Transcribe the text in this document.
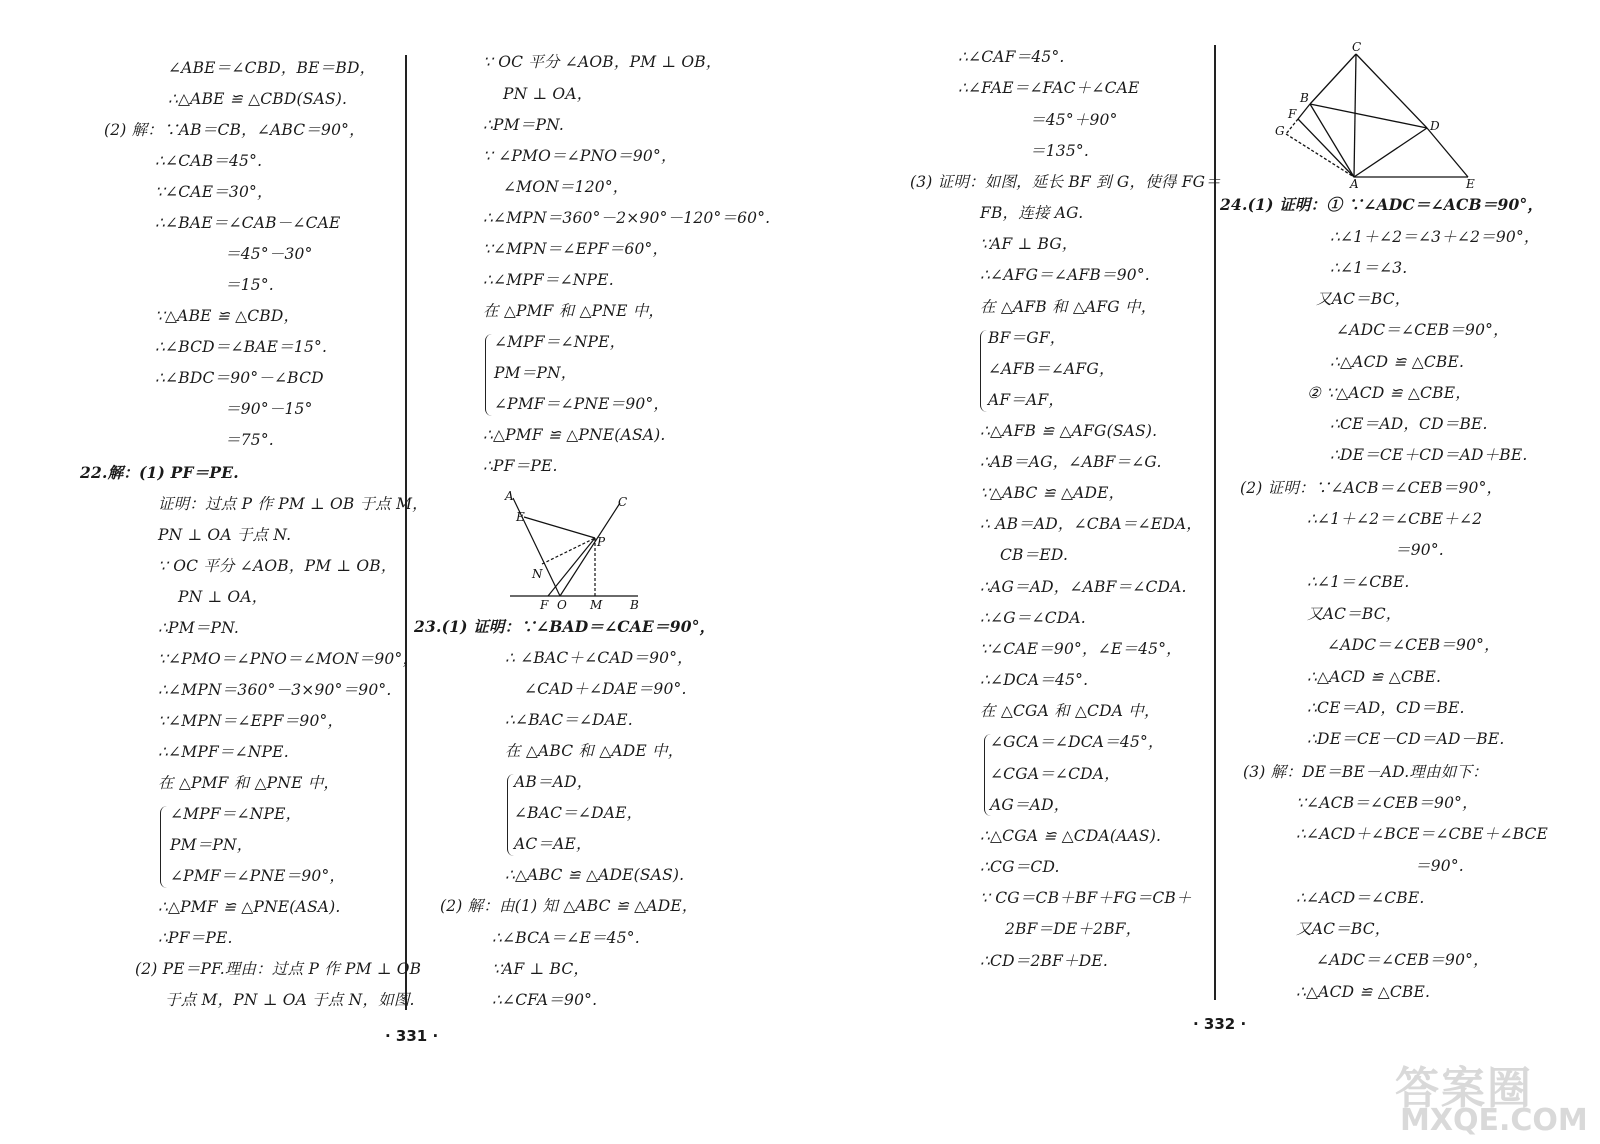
∠ABE＝∠CBD，BE＝BD，
∴△ABE ≌ △CBD(SAS).
(2) 解：∵AB＝CB，∠ABC＝90°，
∴∠CAB＝45°.
∵∠CAE＝30°，
∴∠BAE＝∠CAB－∠CAE
＝45°－30°
＝15°.
∵△ABE ≌ △CBD，
∴∠BCD＝∠BAE＝15°.
∴∠BDC＝90°－∠BCD
＝90°－15°
＝75°.
22.解：(1) PF＝PE.
证明：过点 P 作 PM ⊥ OB 于点 M，
PN ⊥ OA 于点 N.
∵ OC 平分 ∠AOB，PM ⊥ OB，
PN ⊥ OA，
∴PM＝PN.
∵∠PMO＝∠PNO＝∠MON＝90°，
∴∠MPN＝360°－3×90°＝90°.
∵∠MPN＝∠EPF＝90°，
∴∠MPF＝∠NPE.
在 △PMF 和 △PNE 中，
∠MPF＝∠NPE，
PM＝PN，
∠PMF＝∠PNE＝90°，
∴△PMF ≌ △PNE(ASA).
∴PF＝PE.
(2) PE＝PF.理由：过点 P 作 PM ⊥ OB
于点 M，PN ⊥ OA 于点 N，如图.
∵ OC 平分 ∠AOB，PM ⊥ OB，
PN ⊥ OA，
∴PM＝PN.
∵ ∠PMO＝∠PNO＝90°，
∠MON＝120°，
∴∠MPN＝360°－2×90°－120°＝60°.
∵∠MPN＝∠EPF＝60°，
∴∠MPF＝∠NPE.
在 △PMF 和 △PNE 中，
∠MPF＝∠NPE，
PM＝PN，
∠PMF＝∠PNE＝90°，
∴△PMF ≌ △PNE(ASA).
∴PF＝PE.
A
E
C
P
N
F O M B
23.(1) 证明：∵∠BAD＝∠CAE＝90°，
∴ ∠BAC＋∠CAD＝90°，
∠CAD＋∠DAE＝90°.
∴∠BAC＝∠DAE.
在 △ABC 和 △ADE 中，
AB＝AD，
∠BAC＝∠DAE，
AC＝AE，
∴△ABC ≌ △ADE(SAS).
(2) 解：由(1) 知 △ABC ≌ △ADE，
∴∠BCA＝∠E＝45°.
∵AF ⊥ BC，
∴∠CFA＝90°.
· 331 ·
∴∠CAF＝45°.
∴∠FAE＝∠FAC＋∠CAE
＝45°＋90°
＝135°.
(3) 证明：如图，延长 BF 到 G，使得 FG＝
FB，连接 AG.
∵AF ⊥ BG，
∴∠AFG＝∠AFB＝90°.
在 △AFB 和 △AFG 中，
BF＝GF，
∠AFB＝∠AFG，
AF＝AF，
∴△AFB ≌ △AFG(SAS).
∴AB＝AG，∠ABF＝∠G.
∵△ABC ≌ △ADE，
∴ AB＝AD，∠CBA＝∠EDA，
CB＝ED.
∴AG＝AD，∠ABF＝∠CDA.
∴∠G＝∠CDA.
∵∠CAE＝90°，∠E＝45°，
∴∠DCA＝45°.
在 △CGA 和 △CDA 中，
∠GCA＝∠DCA＝45°，
∠CGA＝∠CDA，
AG＝AD，
∴△CGA ≌ △CDA(AAS).
∴CG＝CD.
∵ CG＝CB＋BF＋FG＝CB＋
2BF＝DE＋2BF，
∴CD＝2BF＋DE.
· 332 ·
C
B
F
G	D
A	E
24.(1) 证明：① ∵∠ADC＝∠ACB＝90°，
∴∠1＋∠2＝∠3＋∠2＝90°，
∴∠1＝∠3.
又AC＝BC，
∠ADC＝∠CEB＝90°，
∴△ACD ≌ △CBE.
② ∵△ACD ≌ △CBE，
∴CE＝AD，CD＝BE.
∴DE＝CE＋CD＝AD＋BE.
(2) 证明：∵∠ACB＝∠CEB＝90°，
∴∠1＋∠2＝∠CBE＋∠2
＝90°.
∴∠1＝∠CBE.
又AC＝BC，
∠ADC＝∠CEB＝90°，
∴△ACD ≌ △CBE.
∴CE＝AD，CD＝BE.
∴DE＝CE－CD＝AD－BE.
(3) 解：DE＝BE－AD.理由如下：
∵∠ACB＝∠CEB＝90°，
∴∠ACD＋∠BCE＝∠CBE＋∠BCE
＝90°.
∴∠ACD＝∠CBE.
又AC＝BC，
∠ADC＝∠CEB＝90°，
∴△ACD ≌ △CBE.
答案圈
MXQE.COM
